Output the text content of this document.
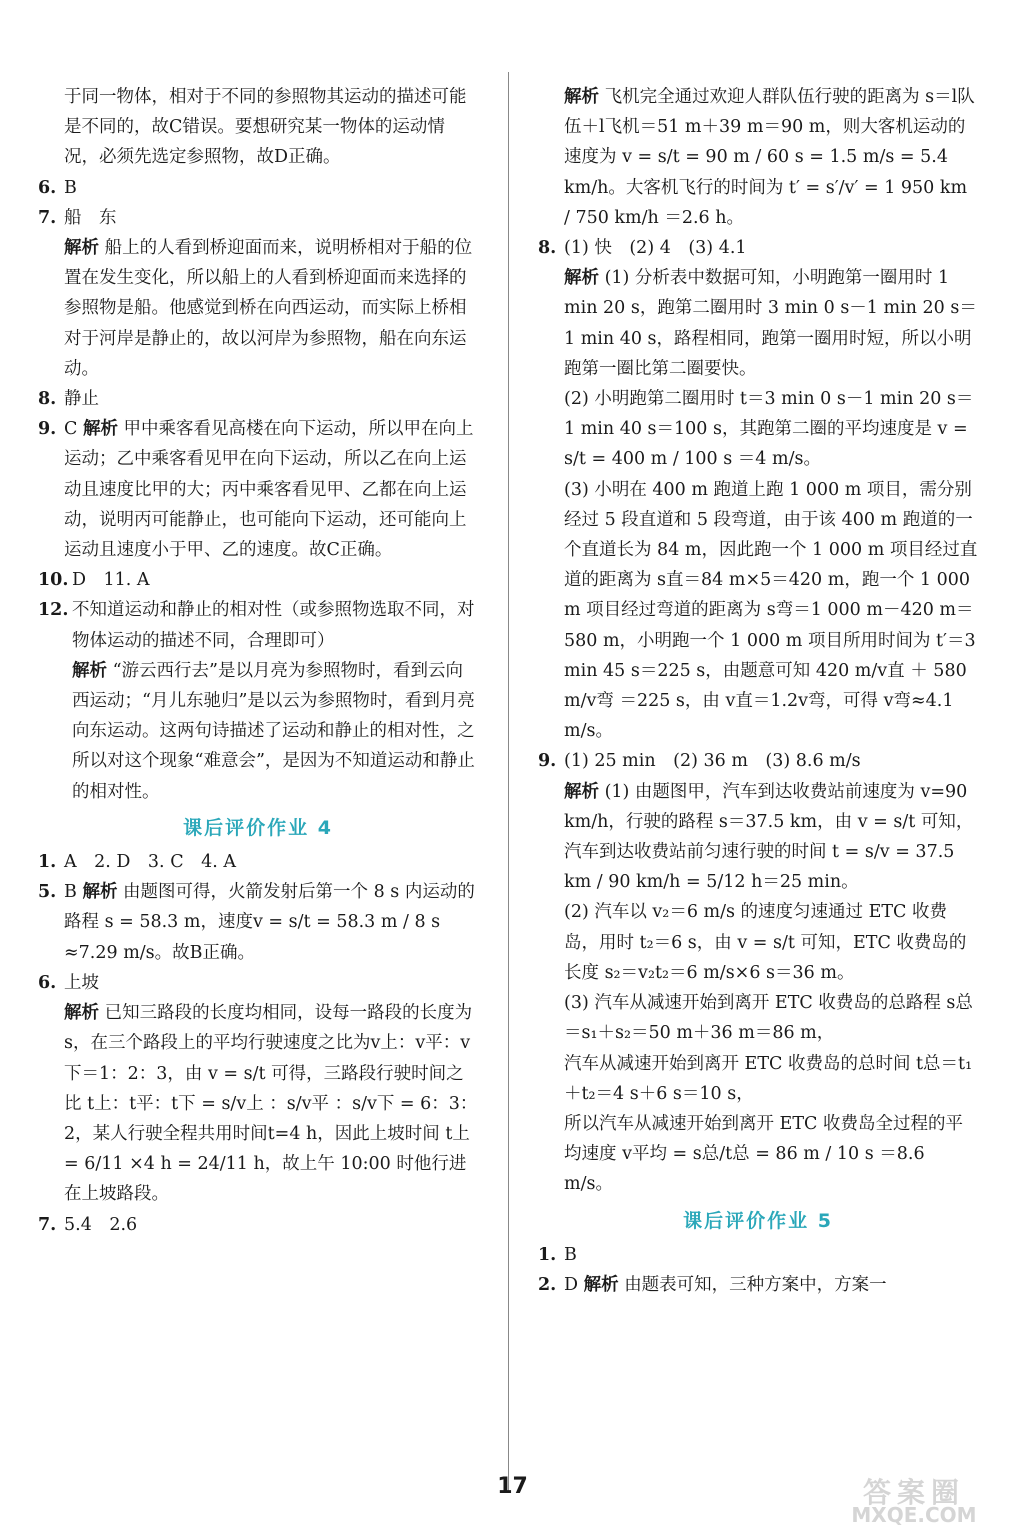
于同一物体，相对于不同的参照物其运动的描述可能是不同的，故C错误。要想研究某一物体的运动情况，必须先选定参照物，故D正确。

6. B

7. 船　东

解析 船上的人看到桥迎面而来，说明桥相对于船的位置在发生变化，所以船上的人看到桥迎面而来选择的参照物是船。他感觉到桥在向西运动，而实际上桥相对于河岸是静止的，故以河岸为参照物，船在向东运动。

8. 静止

9. C 解析 甲中乘客看见高楼在向下运动，所以甲在向上运动；乙中乘客看见甲在向下运动，所以乙在向上运动且速度比甲的大；丙中乘客看见甲、乙都在向上运动，说明丙可能静止，也可能向下运动，还可能向上运动且速度小于甲、乙的速度。故C正确。

10. D　11. A

12. 不知道运动和静止的相对性（或参照物选取不同，对物体运动的描述不同，合理即可）

解析 “游云西行去”是以月亮为参照物时，看到云向西运动；“月儿东驰归”是以云为参照物时，看到月亮向东运动。这两句诗描述了运动和静止的相对性，之所以对这个现象“难意会”，是因为不知道运动和静止的相对性。

课后评价作业 4

1. A　2. D　3. C　4. A

5. B 解析 由题图可得，火箭发射后第一个 8 s 内运动的路程 s = 58.3 m，速度v = s/t = 58.3 m / 8 s ≈7.29 m/s。故B正确。

6. 上坡

解析 已知三路段的长度均相同，设每一路段的长度为s，在三个路段上的平均行驶速度之比为v上：v平：v下＝1：2：3，由 v = s/t 可得，三路段行驶时间之比 t上：t平：t下 = s/v上 ：s/v平 ：s/v下 = 6：3：2，某人行驶全程共用时间t=4 h，因此上坡时间 t上 = 6/11 ×4 h = 24/11 h，故上午 10:00 时他行进在上坡路段。

7. 5.4　2.6

解析 飞机完全通过欢迎人群队伍行驶的距离为 s＝l队伍＋l飞机＝51 m＋39 m＝90 m，则大客机运动的速度为 v = s/t = 90 m / 60 s = 1.5 m/s = 5.4 km/h。大客机飞行的时间为 t′ = s′/v′ = 1 950 km / 750 km/h ＝2.6 h。

8. (1) 快　(2) 4　(3) 4.1

解析 (1) 分析表中数据可知，小明跑第一圈用时 1 min 20 s，跑第二圈用时 3 min 0 s－1 min 20 s＝1 min 40 s，路程相同，跑第一圈用时短，所以小明跑第一圈比第二圈要快。

(2) 小明跑第二圈用时 t＝3 min 0 s－1 min 20 s＝1 min 40 s＝100 s，其跑第二圈的平均速度是 v = s/t = 400 m / 100 s ＝4 m/s。

(3) 小明在 400 m 跑道上跑 1 000 m 项目，需分别经过 5 段直道和 5 段弯道，由于该 400 m 跑道的一个直道长为 84 m，因此跑一个 1 000 m 项目经过直道的距离为 s直＝84 m×5＝420 m，跑一个 1 000 m 项目经过弯道的距离为 s弯＝1 000 m－420 m＝580 m，小明跑一个 1 000 m 项目所用时间为 t′＝3 min 45 s＝225 s，由题意可知 420 m/v直 ＋ 580 m/v弯 ＝225 s，由 v直＝1.2v弯，可得 v弯≈4.1 m/s。

9. (1) 25 min　(2) 36 m　(3) 8.6 m/s

解析 (1) 由题图甲，汽车到达收费站前速度为 v=90 km/h，行驶的路程 s＝37.5 km，由 v = s/t 可知，汽车到达收费站前匀速行驶的时间 t = s/v = 37.5 km / 90 km/h = 5/12 h＝25 min。

(2) 汽车以 v₂＝6 m/s 的速度匀速通过 ETC 收费岛，用时 t₂＝6 s，由 v = s/t 可知，ETC 收费岛的长度 s₂＝v₂t₂＝6 m/s×6 s＝36 m。

(3) 汽车从减速开始到离开 ETC 收费岛的总路程 s总＝s₁＋s₂＝50 m＋36 m＝86 m，

汽车从减速开始到离开 ETC 收费岛的总时间 t总＝t₁＋t₂＝4 s＋6 s＝10 s，

所以汽车从减速开始到离开 ETC 收费岛全过程的平均速度 v平均 = s总/t总 = 86 m / 10 s ＝8.6 m/s。

课后评价作业 5

1. B

2. D 解析 由题表可知，三种方案中，方案一

17	答案圈
MXQE.COM
